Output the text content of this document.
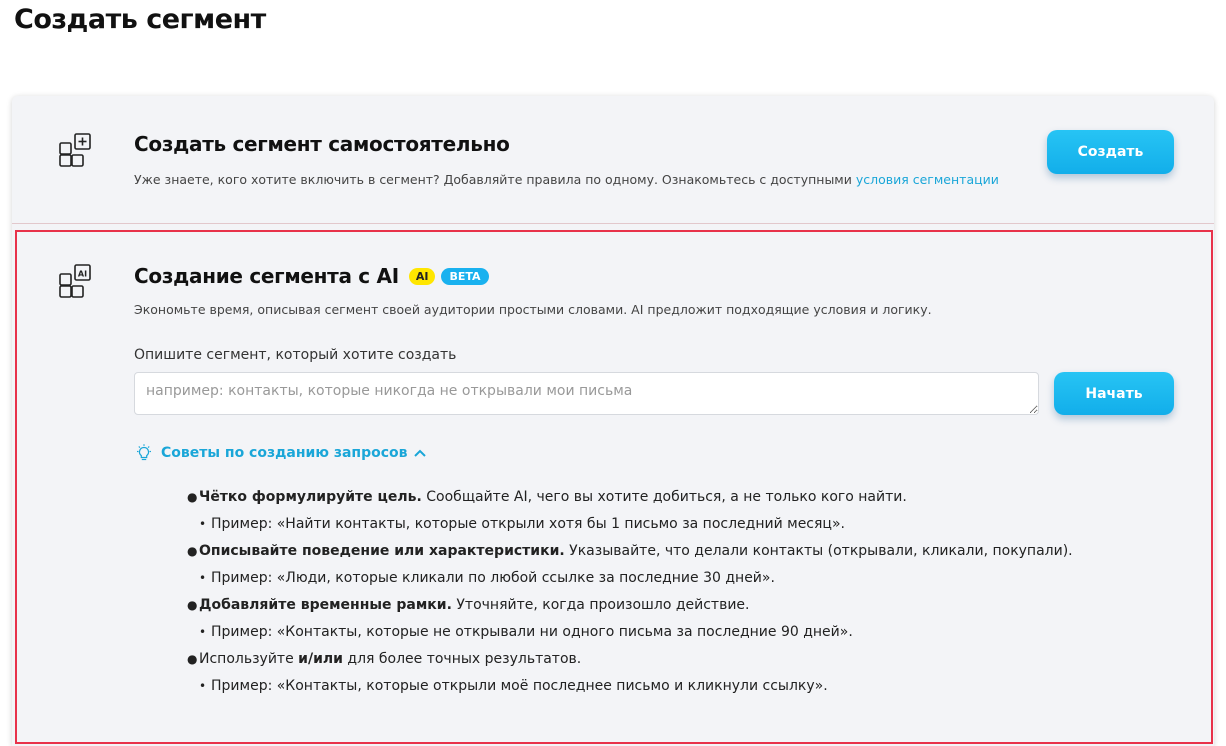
Создать сегмент
Создать сегмент самостоятельно
Уже знаете, кого хотите включить в сегмент? Добавляйте правила по одному. Ознакомьтесь с доступными условия сегментации
Создать
AI Создание сегмента с AI	AI	BETA
Экономьте время, описывая сегмент своей аудитории простыми словами. AI предложит подходящие условия и логику.
Опишите сегмент, который хотите создать
например: контакты, которые никогда не открывали мои письма
Начать
Советы по созданию запросов
● Чётко формулируйте цель. Сообщайте AI, чего вы хотите добиться, а не только кого найти.
• Пример: «Найти контакты, которые открыли хотя бы 1 письмо за последний месяц».
● Описывайте поведение или характеристики. Указывайте, что делали контакты (открывали, кликали, покупали).
• Пример: «Люди, которые кликали по любой ссылке за последние 30 дней».
● Добавляйте временные рамки. Уточняйте, когда произошло действие.
• Пример: «Контакты, которые не открывали ни одного письма за последние 90 дней».
● Используйте и/или для более точных результатов.
• Пример: «Контакты, которые открыли моё последнее письмо и кликнули ссылку».
